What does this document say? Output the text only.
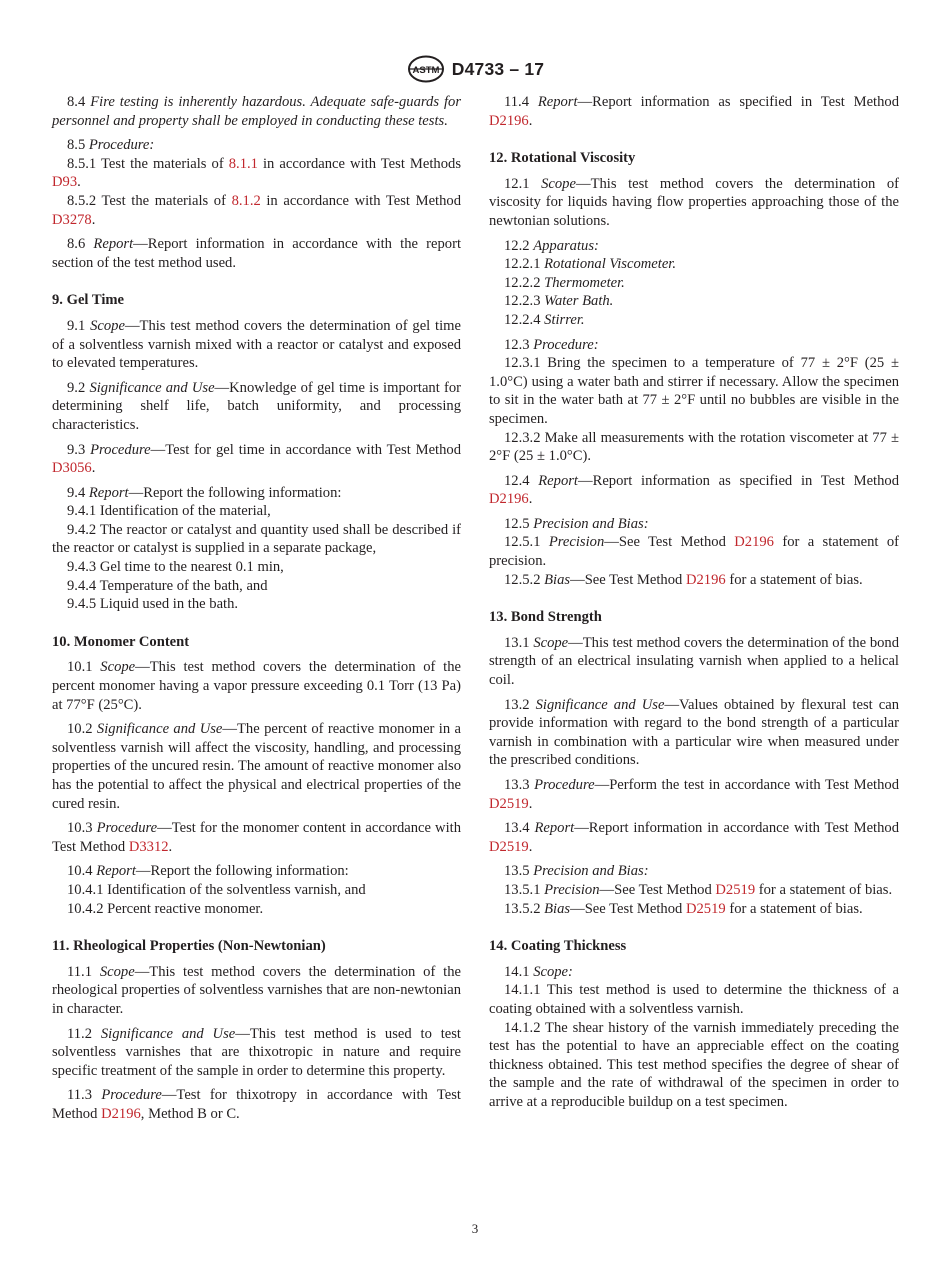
ASTM D4733 – 17

8.4 Fire testing is inherently hazardous. Adequate safe-guards for personnel and property shall be employed in conducting these tests.

8.5 Procedure:

8.5.1 Test the materials of 8.1.1 in accordance with Test Methods D93.

8.5.2 Test the materials of 8.1.2 in accordance with Test Method D3278.

8.6 Report—Report information in accordance with the report section of the test method used.

9. Gel Time

9.1 Scope—This test method covers the determination of gel time of a solventless varnish mixed with a reactor or catalyst and exposed to elevated temperatures.

9.2 Significance and Use—Knowledge of gel time is important for determining shelf life, batch uniformity, and processing characteristics.

9.3 Procedure—Test for gel time in accordance with Test Method D3056.

9.4 Report—Report the following information:

9.4.1 Identification of the material,

9.4.2 The reactor or catalyst and quantity used shall be described if the reactor or catalyst is supplied in a separate package,

9.4.3 Gel time to the nearest 0.1 min,

9.4.4 Temperature of the bath, and

9.4.5 Liquid used in the bath.

10. Monomer Content

10.1 Scope—This test method covers the determination of the percent monomer having a vapor pressure exceeding 0.1 Torr (13 Pa) at 77°F (25°C).

10.2 Significance and Use—The percent of reactive monomer in a solventless varnish will affect the viscosity, handling, and processing properties of the uncured resin. The amount of reactive monomer also has the potential to affect the physical and electrical properties of the cured resin.

10.3 Procedure—Test for the monomer content in accordance with Test Method D3312.

10.4 Report—Report the following information:

10.4.1 Identification of the solventless varnish, and

10.4.2 Percent reactive monomer.

11. Rheological Properties (Non-Newtonian)

11.1 Scope—This test method covers the determination of the rheological properties of solventless varnishes that are non-newtonian in character.

11.2 Significance and Use—This test method is used to test solventless varnishes that are thixotropic in nature and require specific treatment of the sample in order to determine this property.

11.3 Procedure—Test for thixotropy in accordance with Test Method D2196, Method B or C.

11.4 Report—Report information as specified in Test Method D2196.

12. Rotational Viscosity

12.1 Scope—This test method covers the determination of viscosity for liquids having flow properties approaching those of the newtonian solutions.

12.2 Apparatus:

12.2.1 Rotational Viscometer.

12.2.2 Thermometer.

12.2.3 Water Bath.

12.2.4 Stirrer.

12.3 Procedure:

12.3.1 Bring the specimen to a temperature of 77 ± 2°F (25 ± 1.0°C) using a water bath and stirrer if necessary. Allow the specimen to sit in the water bath at 77 ± 2°F until no bubbles are visible in the specimen.

12.3.2 Make all measurements with the rotation viscometer at 77 ± 2°F (25 ± 1.0°C).

12.4 Report—Report information as specified in Test Method D2196.

12.5 Precision and Bias:

12.5.1 Precision—See Test Method D2196 for a statement of precision.

12.5.2 Bias—See Test Method D2196 for a statement of bias.

13. Bond Strength

13.1 Scope—This test method covers the determination of the bond strength of an electrical insulating varnish when applied to a helical coil.

13.2 Significance and Use—Values obtained by flexural test can provide information with regard to the bond strength of a particular varnish in combination with a particular wire when measured under the prescribed conditions.

13.3 Procedure—Perform the test in accordance with Test Method D2519.

13.4 Report—Report information in accordance with Test Method D2519.

13.5 Precision and Bias:

13.5.1 Precision—See Test Method D2519 for a statement of bias.

13.5.2 Bias—See Test Method D2519 for a statement of bias.

14. Coating Thickness

14.1 Scope:

14.1.1 This test method is used to determine the thickness of a coating obtained with a solventless varnish.

14.1.2 The shear history of the varnish immediately preceding the test has the potential to have an appreciable effect on the coating thickness obtained. This test method specifies the degree of shear of the sample and the rate of withdrawal of the specimen in order to arrive at a reproducible buildup on a test specimen.

3
